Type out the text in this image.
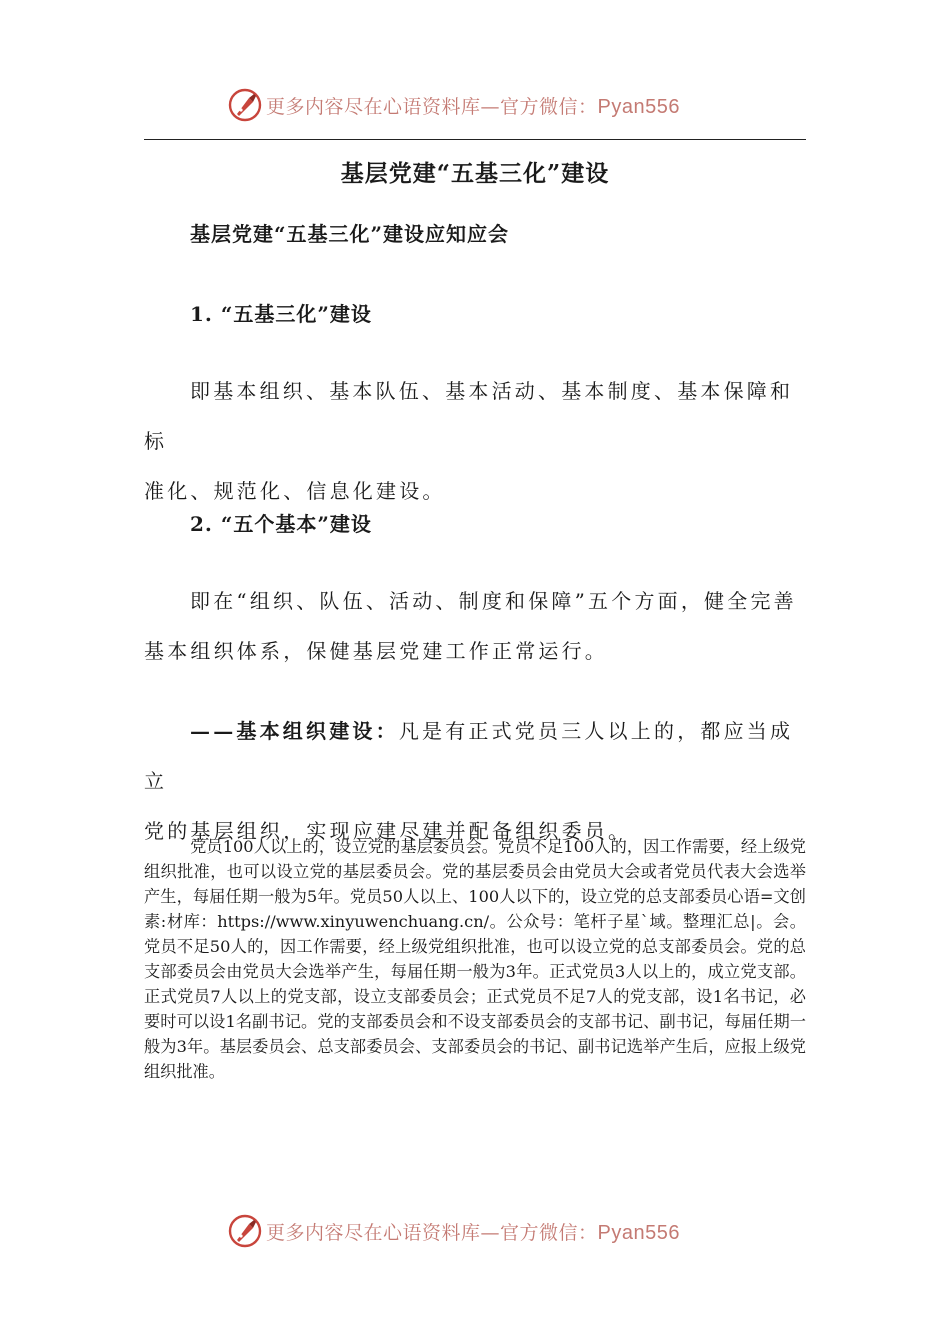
更多内容尽在心语资料库—官方微信：Pyan556
基层党建“五基三化”建设
基层党建“五基三化”建设应知应会
1. “五基三化”建设
即基本组织、基本队伍、基本活动、基本制度、基本保障和标
准化、规范化、信息化建设。
2. “五个基本”建设
即在“组织、队伍、活动、制度和保障”五个方面，健全完善
基本组织体系，保健基层党建工作正常运行。
——基本组织建设：凡是有正式党员三人以上的，都应当成立
党的基层组织，实现应建尽建并配备组织委员。
党员100人以上的，设立党的基层委员会。党员不足100人的，因工作需要，经上级党组织批准，也可以设立党的基层委员会。党的基层委员会由党员大会或者党员代表大会选举产生，每届任期一般为5年。党员50人以上、100人以下的，设立党的总支部委员心语=文创素:材库：https://www.xinyuwenchuang.cn/。公众号：笔杆子星`域。整理汇总|。会。党员不足50人的，因工作需要，经上级党组织批准，也可以设立党的总支部委员会。党的总支部委员会由党员大会选举产生，每届任期一般为3年。正式党员3人以上的，成立党支部。正式党员7人以上的党支部，设立支部委员会；正式党员不足7人的党支部，设1名书记，必要时可以设1名副书记。党的支部委员会和不设支部委员会的支部书记、副书记，每届任期一般为3年。基层委员会、总支部委员会、支部委员会的书记、副书记选举产生后，应报上级党组织批准。
更多内容尽在心语资料库—官方微信：Pyan556
